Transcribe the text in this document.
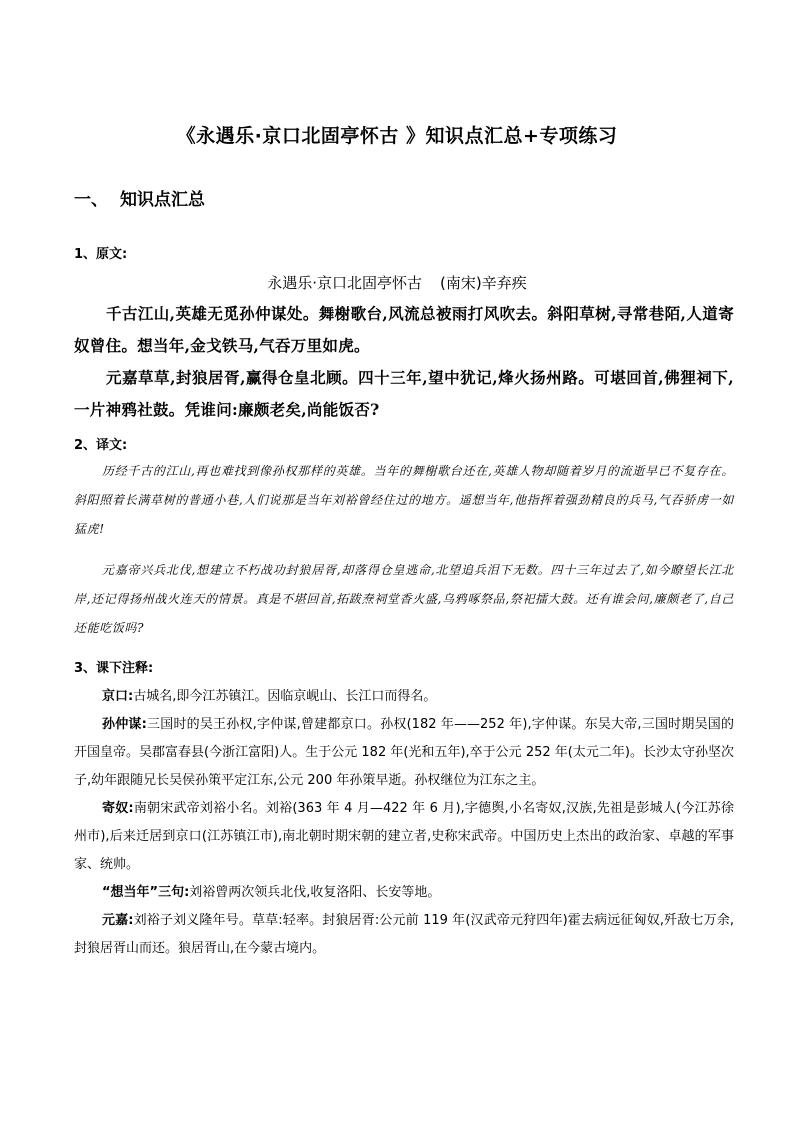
《永遇乐·京口北固亭怀古 》知识点汇总+专项练习
一、 知识点汇总
1、原文:
永遇乐·京口北固亭怀古 (南宋)辛弃疾

千古江山,英雄无觅孙仲谋处。舞榭歌台,风流总被雨打风吹去。斜阳草树,寻常巷陌,人道寄奴曾住。想当年,金戈铁马,气吞万里如虎。

元嘉草草,封狼居胥,赢得仓皇北顾。四十三年,望中犹记,烽火扬州路。可堪回首,佛狸祠下,一片神鸦社鼓。凭谁问:廉颇老矣,尚能饭否?

2、译文:

历经千古的江山,再也难找到像孙权那样的英雄。当年的舞榭歌台还在,英雄人物却随着岁月的流逝早已不复存在。斜阳照着长满草树的普通小巷,人们说那是当年刘裕曾经住过的地方。遥想当年,他指挥着强劲精良的兵马,气吞骄虏一如猛虎!

元嘉帝兴兵北伐,想建立不朽战功封狼居胥,却落得仓皇逃命,北望追兵泪下无数。四十三年过去了,如今瞭望长江北岸,还记得扬州战火连天的情景。真是不堪回首,拓跋焘祠堂香火盛,乌鸦啄祭品,祭祀擂大鼓。还有谁会问,廉颇老了,自己还能吃饭吗?

3、课下注释:

京口:古城名,即今江苏镇江。因临京岘山、长江口而得名。

孙仲谋:三国时的吴王孙权,字仲谋,曾建都京口。孙权(182 年——252 年),字仲谋。东吴大帝,三国时期吴国的开国皇帝。吴郡富春县(今浙江富阳)人。生于公元 182 年(光和五年),卒于公元 252 年(太元二年)。长沙太守孙坚次子,幼年跟随兄长吴侯孙策平定江东,公元 200 年孙策早逝。孙权继位为江东之主。

寄奴:南朝宋武帝刘裕小名。刘裕(363 年 4 月—422 年 6 月),字德舆,小名寄奴,汉族,先祖是彭城人(今江苏徐州市),后来迁居到京口(江苏镇江市),南北朝时期宋朝的建立者,史称宋武帝。中国历史上杰出的政治家、卓越的军事家、统帅。

“想当年”三句:刘裕曾两次领兵北伐,收复洛阳、长安等地。

元嘉:刘裕子刘义隆年号。草草:轻率。封狼居胥:公元前 119 年(汉武帝元狩四年)霍去病远征匈奴,歼敌七万余,封狼居胥山而还。狼居胥山,在今蒙古境内。
